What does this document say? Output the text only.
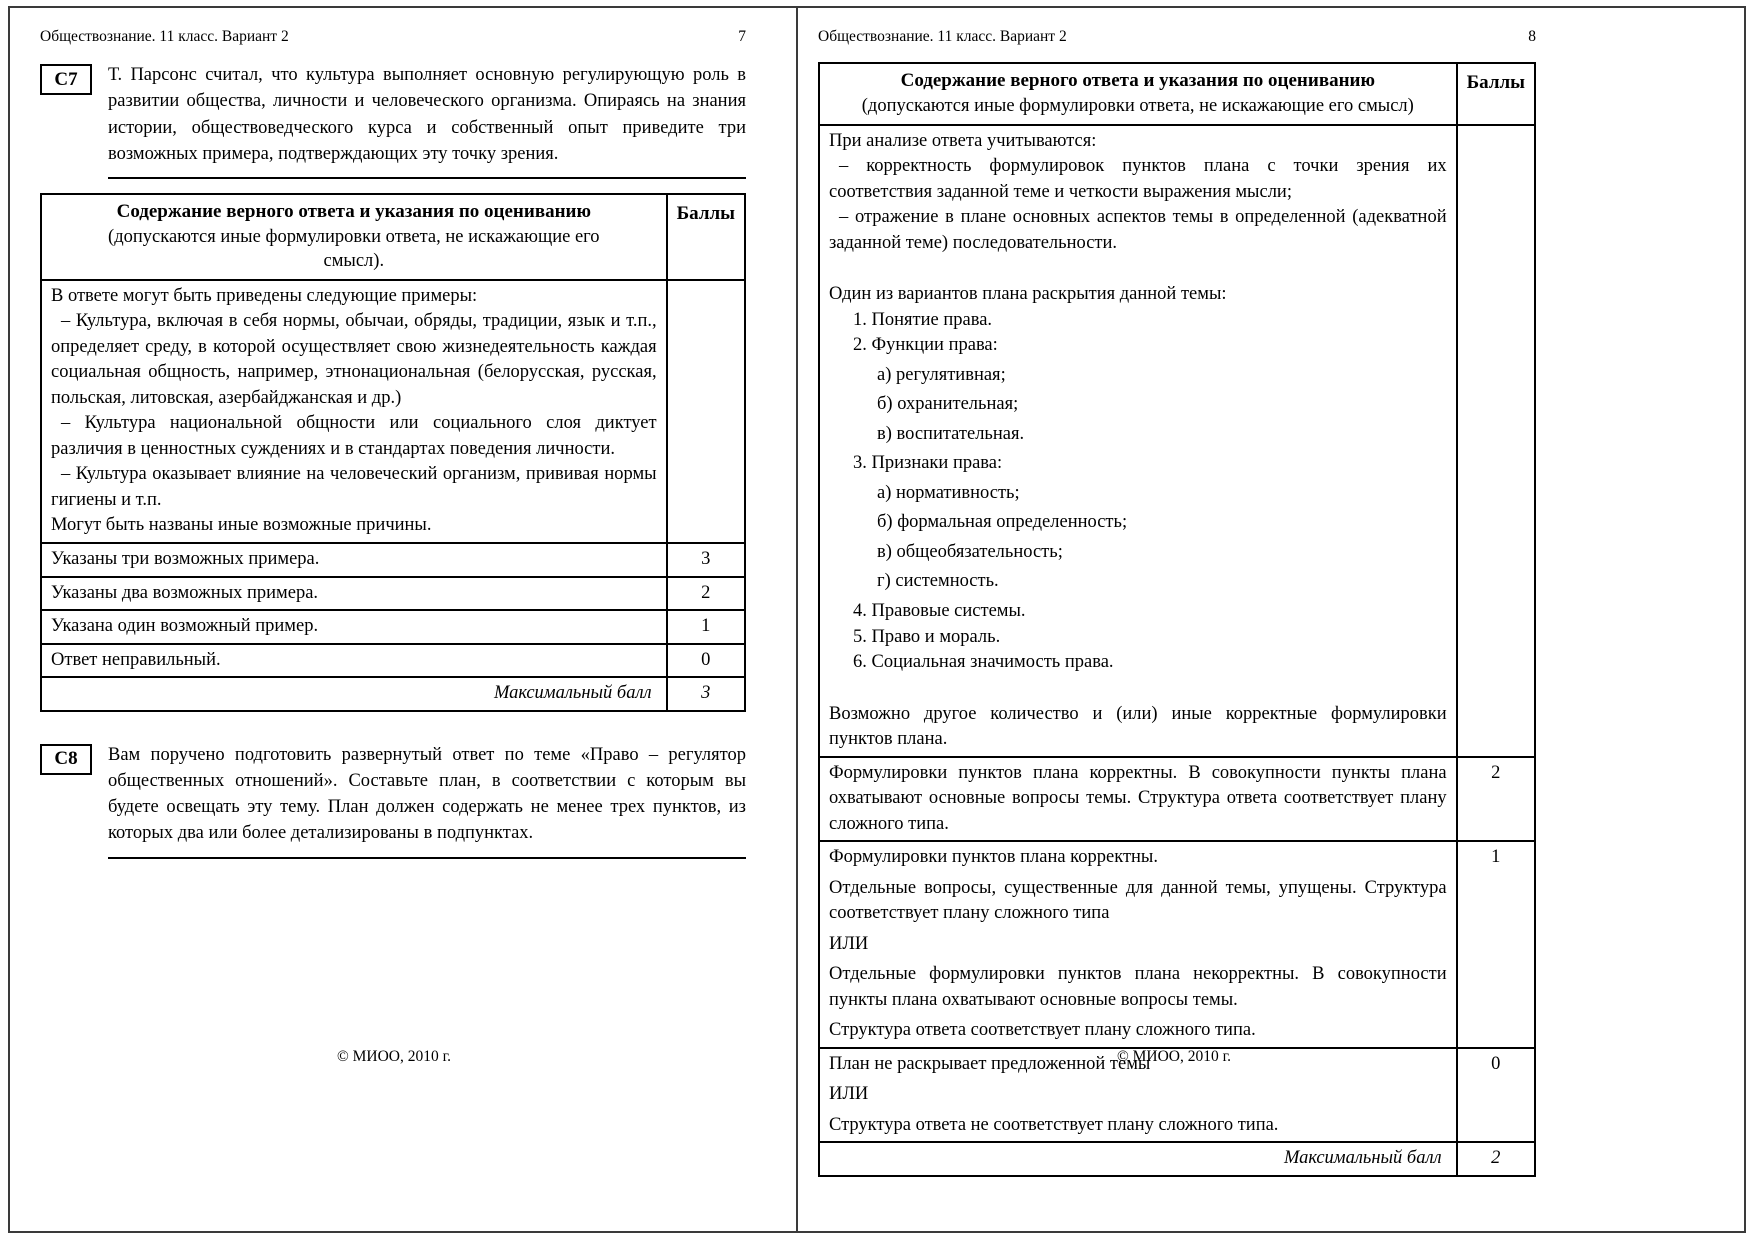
Обществознание. 11 класс. Вариант 2	7
С7	Т. Парсонс считал, что культура выполняет основную регулирующую роль в развитии общества, личности и человеческого организма. Опираясь на знания истории, обществоведческого курса и собственный опыт приведите три возможных примера, подтверждающих эту точку зрения.
Содержание верного ответа и указания по оцениванию
(допускаются иные формулировки ответа, не искажающие его смысл).	Баллы

В ответе могут быть приведены следующие примеры:

– Культура, включая в себя нормы, обычаи, обряды, традиции, язык и т.п., определяет среду, в которой осуществляет свою жизнедеятельность каждая социальная общность, например, этнонациональная (белорусская, русская, польская, литовская, азербайджанская и др.)

– Культура национальной общности или социального слоя диктует различия в ценностных суждениях и в стандартах поведения личности.

– Культура оказывает влияние на человеческий организм, прививая нормы гигиены и т.п.

Могут быть названы иные возможные причины.	

Указаны три возможных примера.	3
Указаны два возможных примера.	2
Указана один возможный пример.	1
Ответ неправильный.	0
Максимальный балл	3
С8	Вам поручено подготовить развернутый ответ по теме «Право – регулятор общественных отношений». Составьте план, в соответствии с которым вы будете освещать эту тему. План должен содержать не менее трех пунктов, из которых два или более детализированы в подпунктах.
© МИОО, 2010 г.
Обществознание. 11 класс. Вариант 2	8
Содержание верного ответа и указания по оцениванию
(допускаются иные формулировки ответа, не искажающие его смысл)	Баллы

При анализе ответа учитываются:

– корректность формулировок пунктов плана с точки зрения их соответствия заданной теме и четкости выражения мысли;

– отражение в плане основных аспектов темы в определенной (адекватной заданной теме) последовательности.

Один из вариантов плана раскрытия данной темы:

1. Понятие права.

2. Функции права:

а) регулятивная;

б) охранительная;

в) воспитательная.

3. Признаки права:

а) нормативность;

б) формальная определенность;

в) общеобязательность;

г) системность.

4. Правовые системы.

5. Право и мораль.

6. Социальная значимость права.

Возможно другое количество и (или) иные корректные формулировки пунктов плана.

Формулировки пунктов плана корректны. В совокупности пункты плана охватывают основные вопросы темы. Структура ответа соответствует плану сложного типа.	2

Формулировки пунктов плана корректны.

Отдельные вопросы, существенные для данной темы, упущены. Структура соответствует плану сложного типа

ИЛИ

Отдельные формулировки пунктов плана некорректны. В совокупности пункты плана охватывают основные вопросы темы.

Структура ответа соответствует плану сложного типа.	1

План не раскрывает предложенной темы

ИЛИ

Структура ответа не соответствует плану сложного типа.	0
Максимальный балл	2
© МИОО, 2010 г.
